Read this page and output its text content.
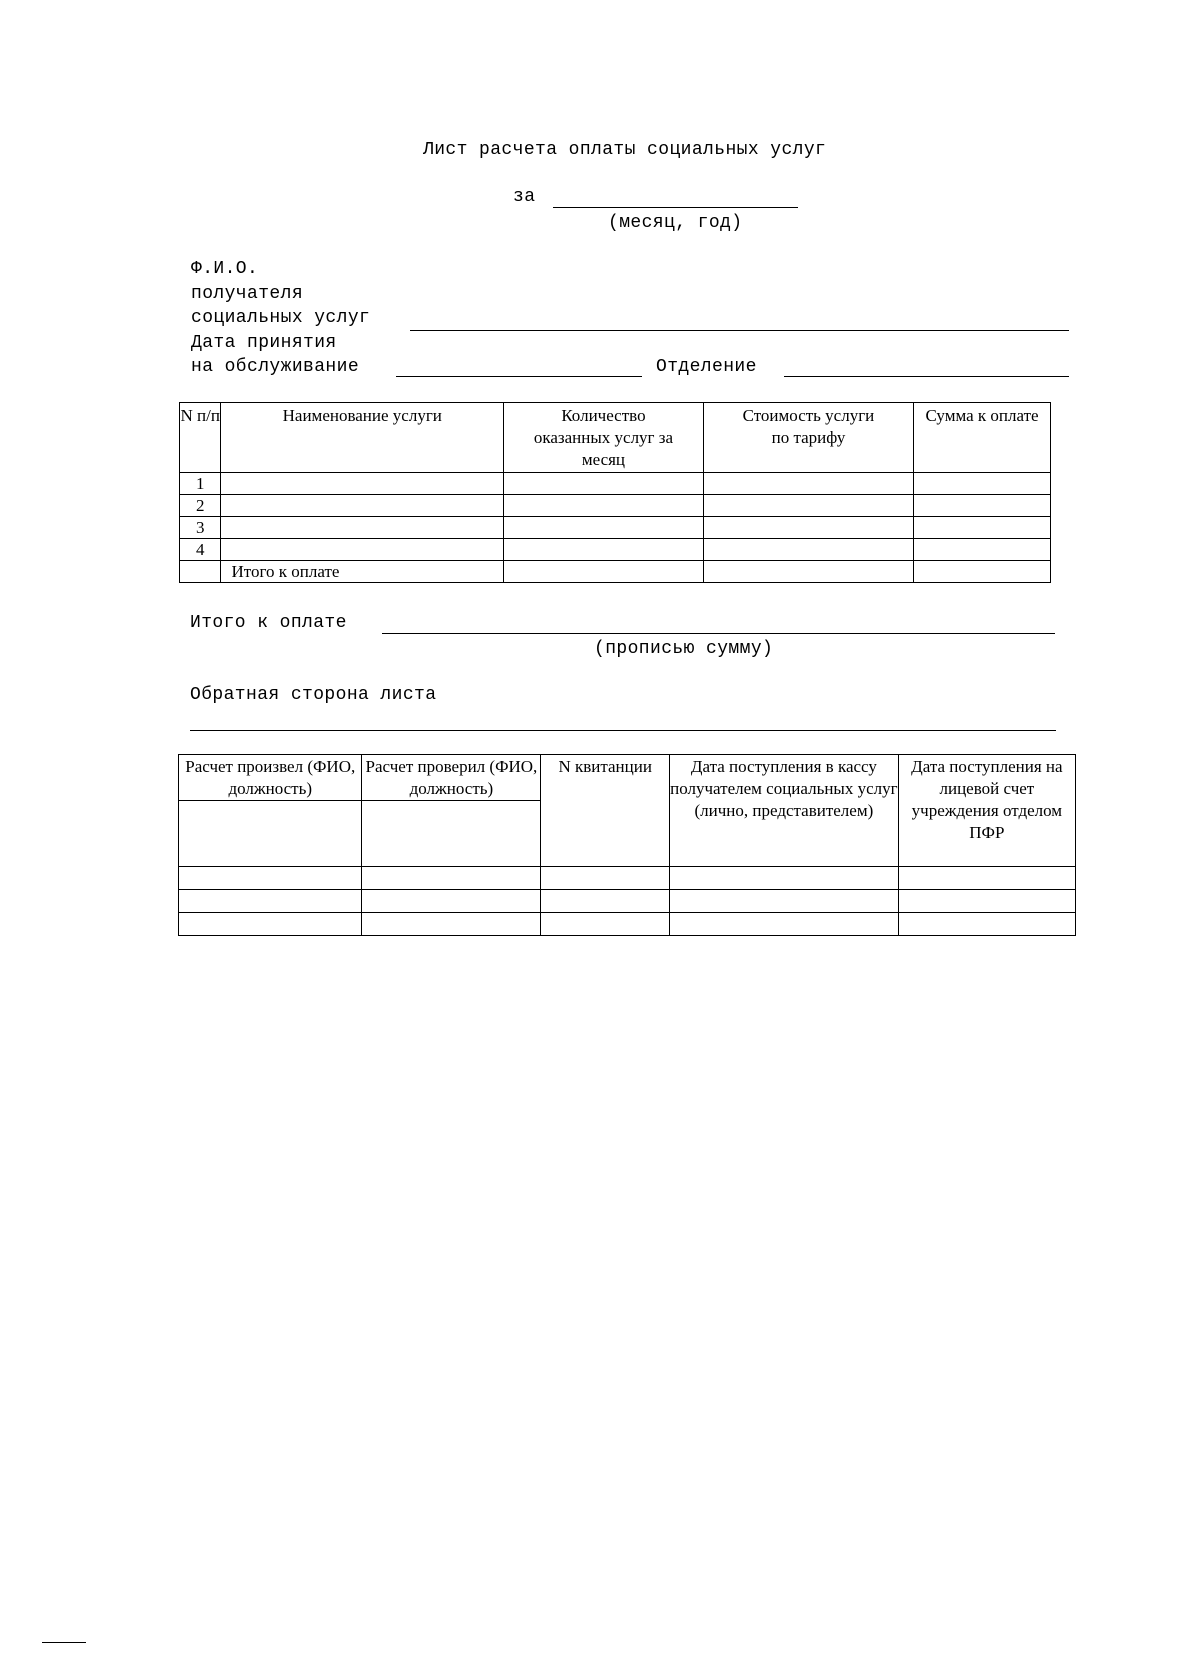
Лист расчета оплаты социальных услуг
за
(месяц, год)
Ф.И.О.
получателя
социальных услуг
Дата принятия
на обслуживание	Отделение
N п/п	Наименование услуги	Количество оказанных услуг за месяц	Стоимость услуги по тарифу	Сумма к оплате
1				
2				
3				
4				
	Итого к оплате			
Итого к оплате
(прописью сумму)
Обратная сторона листа
Расчет произвел (ФИО, должность)	Расчет проверил (ФИО, должность)	N квитанции	Дата поступления в кассу получателем социальных услуг (лично, представителем)	Дата поступления на лицевой счет учреждения отделом ПФР
